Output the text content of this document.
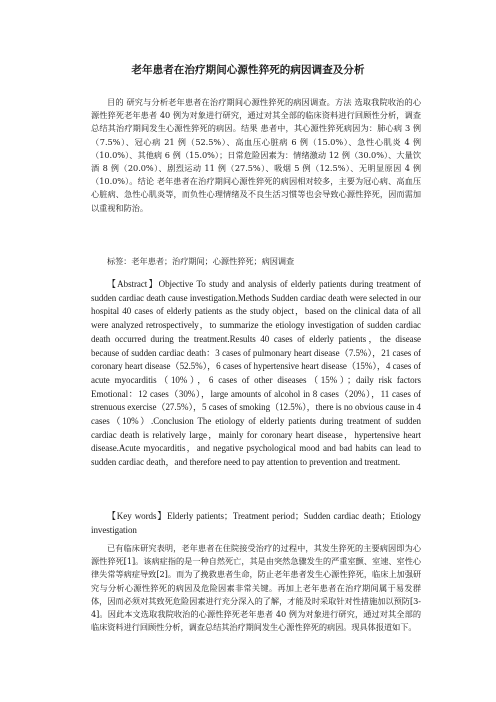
老年患者在治疗期间心源性猝死的病因调查及分析

目的 研究与分析老年患者在治疗期间心源性猝死的病因调查。方法 选取我院收治的心源性猝死老年患者 40 例为对象进行研究，通过对其全部的临床资料进行回顾性分析，调查总结其治疗期间发生心源性猝死的病因。结果 患者中，其心源性猝死病因为：肺心病 3 例（7.5%）、冠心病 21 例（52.5%）、高血压心脏病 6 例（15.0%）、急性心肌炎 4 例（10.0%）、其他病 6 例（15.0%）；日常危险因素为：情绪激动 12 例（30.0%）、大量饮酒 8 例（20.0%）、剧烈运动 11 例（27.5%）、吸烟 5 例（12.5%）、无明显原因 4 例（10.0%）。结论 老年患者在治疗期间心源性猝死的病因相对较多，主要为冠心病、高血压心脏病、急性心肌炎等，而负性心理情绪及不良生活习惯等也会导致心源性猝死，因而需加以重视和防治。

标签：老年患者；治疗期间；心源性猝死；病因调查

【Abstract】Objective To study and analysis of elderly patients during treatment of sudden cardiac death cause investigation.Methods Sudden cardiac death were selected in our hospital 40 cases of elderly patients as the study object，based on the clinical data of all were analyzed retrospectively，to summarize the etiology investigation of sudden cardiac death occurred during the treatment.Results 40 cases of elderly patients，the disease because of sudden cardiac death：3 cases of pulmonary heart disease（7.5%），21 cases of coronary heart disease（52.5%），6 cases of hypertensive heart disease（15%），4 cases of acute myocarditis（10%），6 cases of other diseases（15%）；daily risk factors Emotional：12 cases（30%），large amounts of alcohol in 8 cases（20%），11 cases of strenuous exercise（27.5%），5 cases of smoking（12.5%），there is no obvious cause in 4 cases（10%）.Conclusion The etiology of elderly patients during treatment of sudden cardiac death is relatively large，mainly for coronary heart disease，hypertensive heart disease.Acute myocarditis，and negative psychological mood and bad habits can lead to sudden cardiac death，and therefore need to pay attention to prevention and treatment.

【Key words】Elderly patients；Treatment period；Sudden cardiac death；Etiology investigation

已有临床研究表明，老年患者在住院接受治疗的过程中，其发生猝死的主要病因即为心源性猝死[1]。该病症指的是一种自然死亡，其是由突然急骤发生的严重室颤、室速、室性心律失常等病症导致[2]。而为了挽救患者生命，防止老年患者发生心源性猝死，临床上加强研究与分析心源性猝死的病因及危险因素非常关键。再加上老年患者在治疗期间属于易发群体，因而必须对其致死危险因素进行充分深入的了解，才能及时采取针对性措施加以预防[3-4]。因此本文选取我院收治的心源性猝死老年患者 40 例为对象进行研究，通过对其全部的临床资料进行回顾性分析，调查总结其治疗期间发生心源性猝死的病因。现具体报道如下。
